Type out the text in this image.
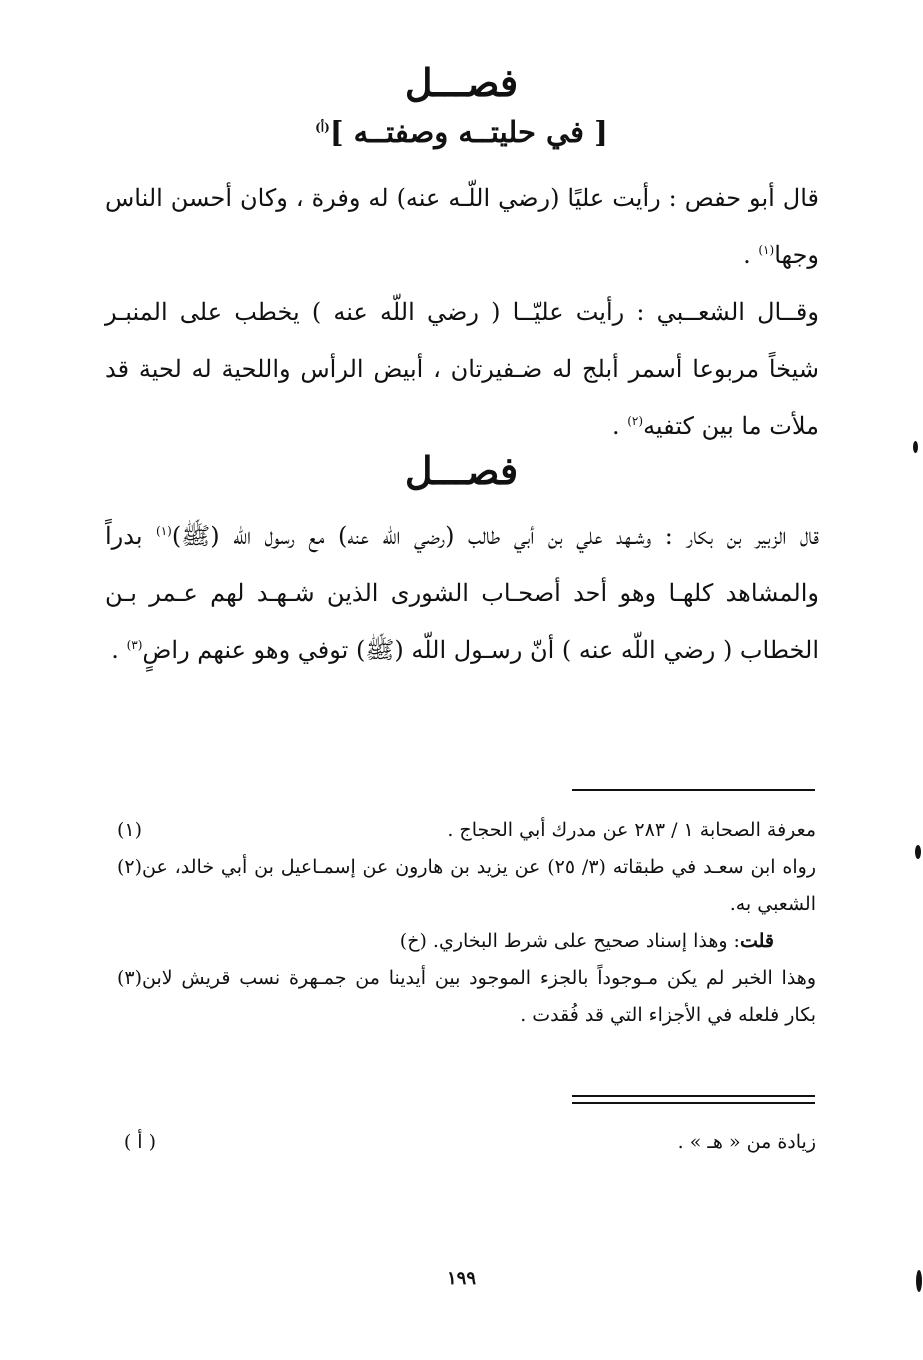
فصـــل
[ في حليتــه وصفتــه ]$^{(أ)}$

قال أبو حفص : رأيت عليًا (رضي اللّـه عنه) له وفرة ، وكان أحسن الناس وجها$^{(١)}$ .

وقــال الشعــبي : رأيت عليّــا ( رضي اللّه عنه ) يخطب على المنبـر شيخاً مربوعا أسمر أبلج له ضـفيرتان ، أبيض الرأس واللحية له لحية قد ملأت ما بين كتفيه$^{(٢)}$ .

فصـــل

قال الزبير بن بكار : وشـهد علي بن أبي طالب (رضي اللّه عنه) مع رسول اللّه (ﷺ)$^{(١)}$ بدراً والمشاهد كلهـا وهو أحد أصحـاب الشورى الذين شـهـد لهم عـمر بـن الخطاب ( رضي اللّه عنه ) أنّ رسـول اللّه (ﷺ) توفي وهو عنهم راضٍ$^{(٣)}$ .

(١)	معرفة الصحابة ١ / ٢٨٣ عن مدرك أبي الحجاج .
(٢) رواه ابن سعـد في طبقاته (٣/ ٢٥) عن يزيد بن هارون عن إسمـاعيل بن أبي خالد، عن الشعبي به.
قلت: وهذا إسناد صحيح على شرط البخاري. (خ)
(٣) وهذا الخبر لم يكن مـوجوداً بالجزء الموجود بين أيدينا من جمـهرة نسب قريش لابن بكار فلعله في الأجزاء التي قد فُقدت .
( أ )	زيادة من « هـ » .
١٩٩
